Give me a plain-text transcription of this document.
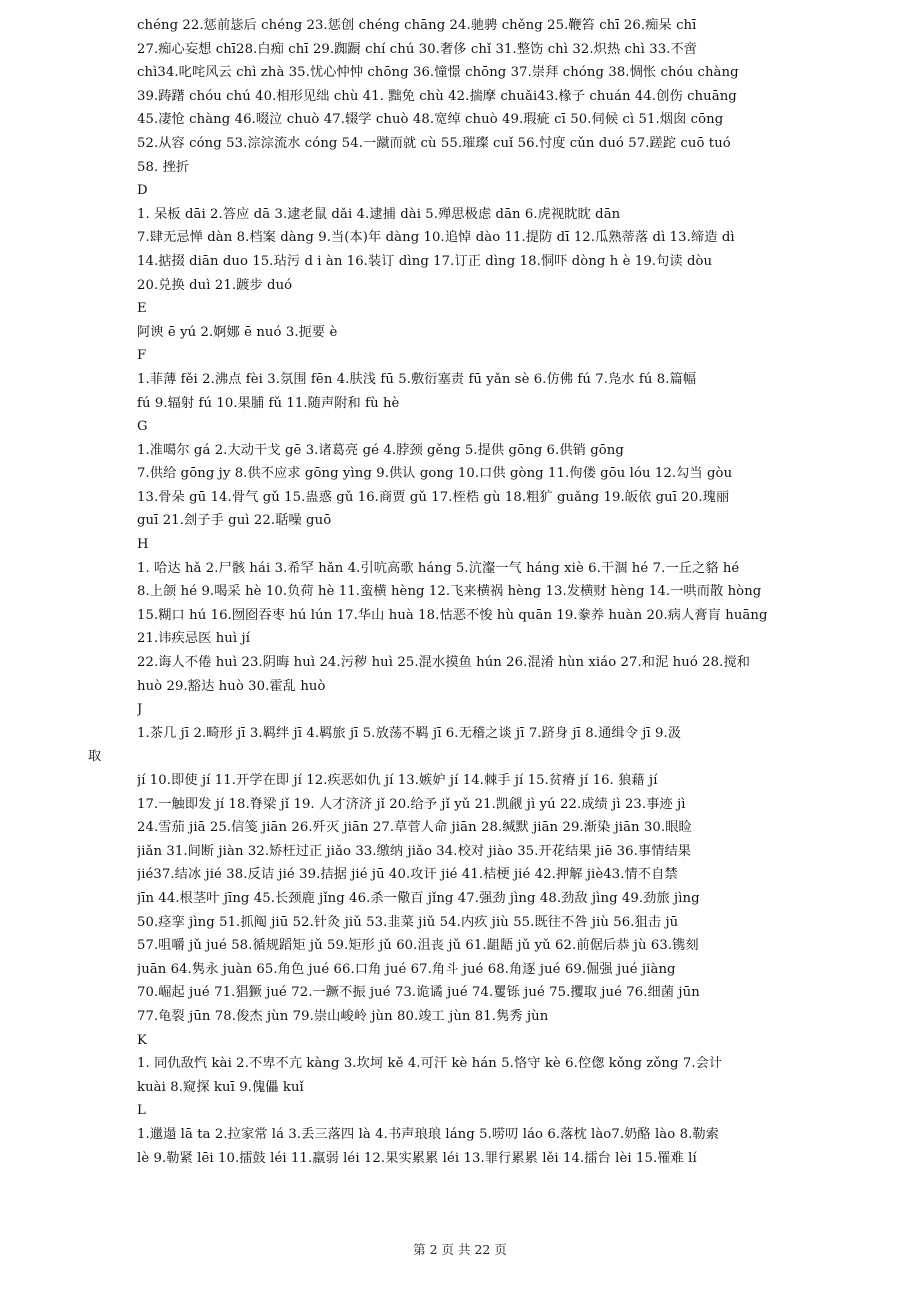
chéng 22.惩前毖后 chéng 23.惩创 chéng chāng 24.驰骋 chěng 25.鞭笞 chī 26.痴呆 chī
27.痴心妄想 chī28.白痴 chī 29.踟蹰 chí chú 30.奢侈 chǐ 31.整饬 chì 32.炽热 chì 33.不啻
chì34.叱咤风云 chì zhà 35.忧心忡忡 chōng 36.憧憬 chōng 37.崇拜 chóng 38.惆怅 chóu chàng
39.踌躇 chóu chú 40.相形见绌 chù 41. 黜免 chù 42.揣摩 chuǎi43.椽子 chuán 44.创伤 chuāng
45.凄怆 chàng 46.啜泣 chuò 47.辍学 chuò 48.宽绰 chuò 49.瑕疵 cī 50.伺候 cì 51.烟囱 cōng
52.从容 cóng 53.淙淙流水 cóng 54.一蹴而就 cù 55.璀璨 cuǐ 56.忖度 cǔn duó 57.蹉跎 cuō tuó
58. 挫折
D
1. 呆板 dāi 2.答应 dā 3.逮老鼠 dǎi 4.逮捕 dài 5.殚思极虑 dān 6.虎视眈眈 dān
7.肆无忌惮 dàn 8.档案 dàng 9.当(本)年 dàng 10.追悼 dào 11.提防 dī 12.瓜熟蒂落 dì 13.缔造 dì
14.掂掇 diān duo 15.玷污 d i àn 16.装订 dìng 17.订正 dìng 18.恫吓 dòng h è 19.句读 dòu
20.兑换 duì 21.踱步 duó
E
阿谀 ē yú 2.婀娜 ē nuó 3.扼要 è
F
1.菲薄 fěi 2.沸点 fèi 3.氛围 fēn 4.肤浅 fū 5.敷衍塞责 fū yǎn sè 6.仿佛 fú 7.凫水 fú 8.篇幅
fú 9.辐射 fú 10.果脯 fǔ 11.随声附和 fù hè
G
1.准噶尔 gá 2.大动干戈 gē 3.诸葛亮 gé 4.脖颈 gěng 5.提供 gōng 6.供销 gōng
7.供给 gōng jy 8.供不应求 gōng yìng 9.供认 gong 10.口供 gòng 11.佝偻 gōu lóu 12.勾当 gòu
13.骨朵 gū 14.骨气 gǔ 15.蛊惑 gǔ 16.商贾 gǔ 17.桎梏 gù 18.粗犷 guǎng 19.皈依 guī 20.瑰丽
guī 21.刽子手 guì 22.聒噪 guō
H
1. 哈达 hǎ 2.尸骸 hái 3.希罕 hǎn 4.引吭高歌 háng 5.沆瀣一气 háng xiè 6.干涸 hé 7.一丘之貉 hé
8.上颌 hé 9.喝采 hè 10.负荷 hè 11.蛮横 hèng 12.飞来横祸 hèng 13.发横财 hèng 14.一哄而散 hòng
15.糊口 hú 16.囫囵吞枣 hú lún 17.华山 huà 18.怙恶不悛 hù quān 19.豢养 huàn 20.病人膏肓 huāng
21.讳疾忌医 huì jí
22.诲人不倦 huì 23.阴晦 huì 24.污秽 huì 25.混水摸鱼 hún 26.混淆 hùn xiáo 27.和泥 huó 28.搅和
huò 29.豁达 huò 30.霍乱 huò
J
1.茶几 jī 2.畸形 jī 3.羁绊 jī 4.羁旅 jī 5.放荡不羁 jī 6.无稽之谈 jī 7.跻身 jī 8.通缉令 jī 9.汲
取
jí 10.即使 jí 11.开学在即 jí 12.疾恶如仇 jí 13.嫉妒 jí 14.棘手 jí 15.贫瘠 jí 16. 狼藉 jí
17.一触即发 jí 18.脊梁 jǐ 19. 人才济济 jǐ 20.给予 jǐ yǔ 21.凯觎 jì yú 22.成绩 jì 23.事迹 jì
24.雪茄 jiā 25.信笺 jiān 26.歼灭 jiān 27.草菅人命 jiān 28.缄默 jiān 29.渐染 jiān 30.眼睑
jiǎn 31.间断 jiàn 32.矫枉过正 jiǎo 33.缴纳 jiǎo 34.校对 jiào 35.开花结果 jiē 36.事情结果
jié37.结冰 jié 38.反诘 jié 39.拮据 jié jū 40.攻讦 jié 41.桔梗 jié 42.押解 jiè43.情不自禁
jīn 44.根茎叶 jīng 45.长颈鹿 jǐng 46.杀一儆百 jǐng 47.强劲 jìng 48.劲敌 jìng 49.劲旅 jìng
50.痉挛 jìng 51.抓阄 jiū 52.针灸 jiǔ 53.韭菜 jiǔ 54.内疚 jiù 55.既往不咎 jiù 56.狙击 jū
57.咀嚼 jǔ jué 58.循规蹈矩 jǔ 59.矩形 jǔ 60.沮丧 jǔ 61.龃龉 jǔ yǔ 62.前倨后恭 jù 63.镌刻
juān 64.隽永 juàn 65.角色 jué 66.口角 jué 67.角斗 jué 68.角逐 jué 69.倔强 jué jiàng
70.崛起 jué 71.猖獗 jué 72.一蹶不振 jué 73.诡谲 jué 74.矍铄 jué 75.攫取 jué 76.细菌 jūn
77.龟裂 jūn 78.俊杰 jùn 79.崇山峻岭 jùn 80.竣工 jùn 81.隽秀 jùn
K
1. 同仇敌忾 kài 2.不卑不亢 kàng 3.坎坷 kě 4.可汗 kè hán 5.恪守 kè 6.倥偬 kǒng zǒng 7.会计
kuài 8.窥探 kuī 9.傀儡 kuǐ
L
1.邋遢 lā ta 2.拉家常 lá 3.丢三落四 là 4.书声琅琅 láng 5.唠叨 láo 6.落枕 lào7.奶酪 lào 8.勒索
lè 9.勒紧 lēi 10.擂鼓 léi 11.羸弱 léi 12.果实累累 léi 13.罪行累累 lěi 14.擂台 lèi 15.罹难 lí
第 2 页 共 22 页
